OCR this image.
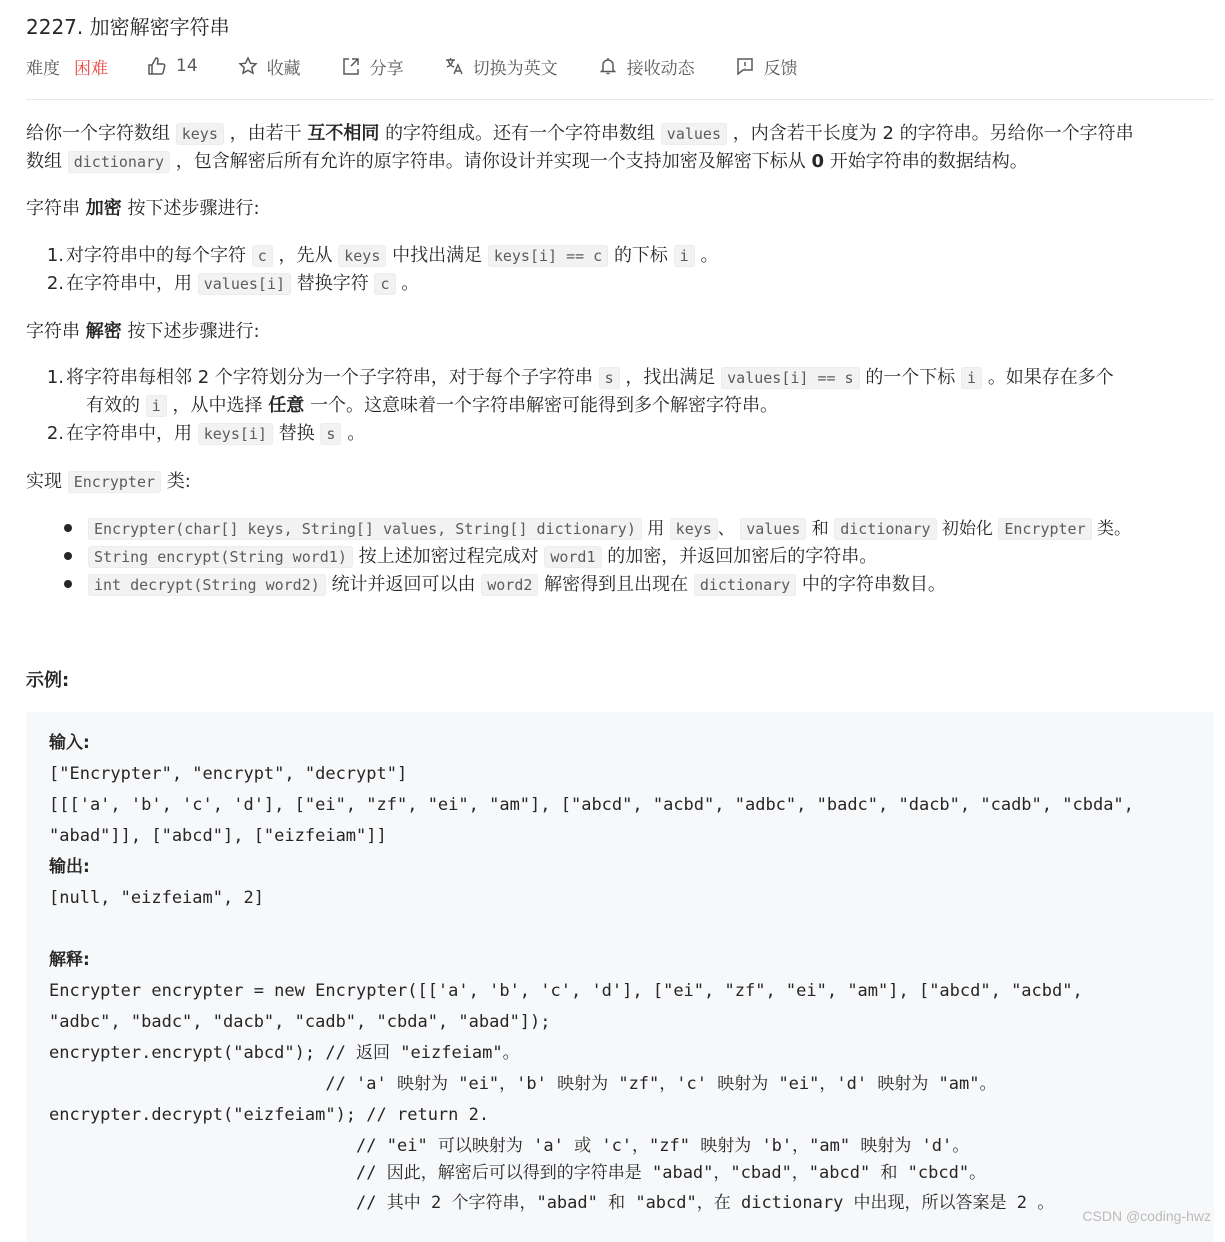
2227. 加密解密字符串
难度 困难	14	收藏	分享	切换为英文	接收动态	反馈
给你一个字符数组 keys ，由若干 互不相同 的字符组成。还有一个字符串数组 values ，内含若干长度为 2 的字符串。另给你一个字符串
数组 dictionary ，包含解密后所有允许的原字符串。请你设计并实现一个支持加密及解密下标从 0 开始字符串的数据结构。
字符串 加密 按下述步骤进行:
1. 对字符串中的每个字符 c ，先从 keys 中找出满足 keys[i] == c 的下标 i 。
2. 在字符串中，用 values[i] 替换字符 c 。
字符串 解密 按下述步骤进行:
1. 将字符串每相邻 2 个字符划分为一个子字符串，对于每个子字符串 s ，找出满足 values[i] == s 的一个下标 i 。如果存在多个
有效的 i ，从中选择 任意 一个。这意味着一个字符串解密可能得到多个解密字符串。
2. 在字符串中，用 keys[i] 替换 s 。
实现 Encrypter 类:
Encrypter(char[] keys, String[] values, String[] dictionary) 用 keys 、 values 和 dictionary 初始化 Encrypter 类。
String encrypt(String word1) 按上述加密过程完成对 word1 的加密，并返回加密后的字符串。
int decrypt(String word2) 统计并返回可以由 word2 解密得到且出现在 dictionary 中的字符串数目。
示例:
输入:
["Encrypter", "encrypt", "decrypt"]
[[['a', 'b', 'c', 'd'], ["ei", "zf", "ei", "am"], ["abcd", "acbd", "adbc", "badc", "dacb", "cadb", "cbda",
"abad"]], ["abcd"], ["eizfeiam"]]
输出:
[null, "eizfeiam", 2]
解释:
Encrypter encrypter = new Encrypter([['a', 'b', 'c', 'd'], ["ei", "zf", "ei", "am"], ["abcd", "acbd",
"adbc", "badc", "dacb", "cadb", "cbda", "abad"]);
encrypter.encrypt("abcd"); // 返回 "eizfeiam"。
// 'a' 映射为 "ei"，'b' 映射为 "zf"，'c' 映射为 "ei"，'d' 映射为 "am"。
encrypter.decrypt("eizfeiam"); // return 2.
// "ei" 可以映射为 'a' 或 'c'，"zf" 映射为 'b'，"am" 映射为 'd'。
// 因此，解密后可以得到的字符串是 "abad"，"cbad"，"abcd" 和 "cbcd"。
// 其中 2 个字符串，"abad" 和 "abcd"，在 dictionary 中出现，所以答案是 2 。
CSDN @coding-hwz
